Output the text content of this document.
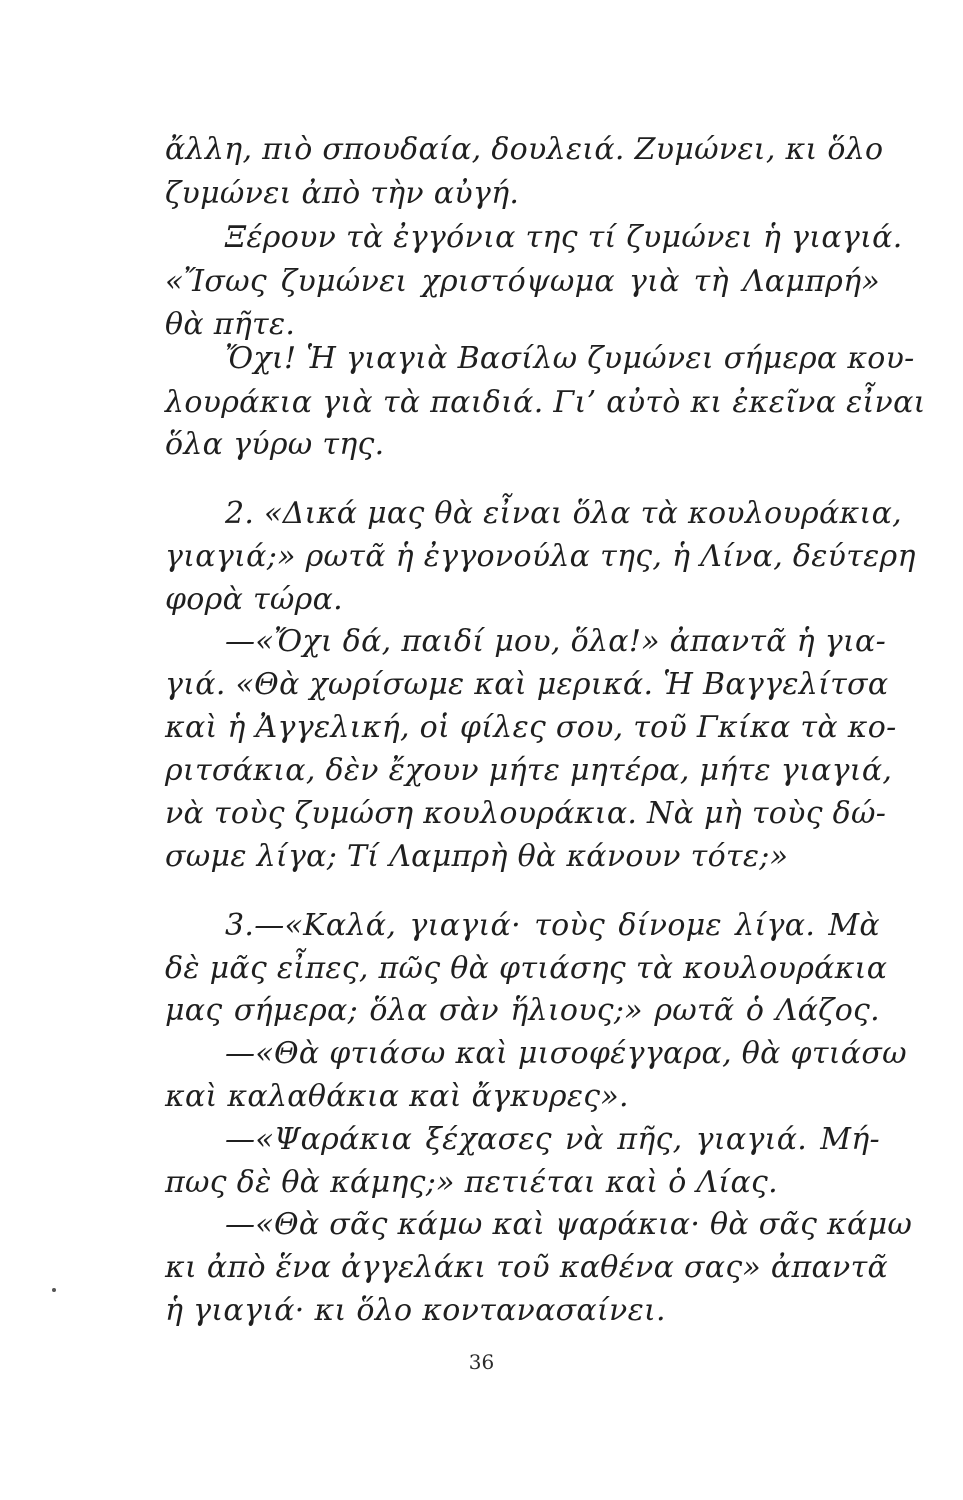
ἄλλη, πιὸ σπουδαία, δουλειά. Ζυμώνει, κι ὅλο
ζυμώνει ἀπὸ τὴν αὐγή.
Ξέρουν τὰ ἐγγόνια της τί ζυμώνει ἡ γιαγιά.
«Ἴσως ζυμώνει χριστόψωμα γιὰ τὴ Λαμπρή»
θὰ πῆτε.
Ὄχι! Ἡ γιαγιὰ Βασίλω ζυμώνει σήμερα κου-
λουράκια γιὰ τὰ παιδιά. Γι’ αὐτὸ κι ἐκεῖνα εἶναι
ὅλα γύρω της.
2. «Δικά μας θὰ εἶναι ὅλα τὰ κουλουράκια,
γιαγιά;» ρωτᾶ ἡ ἐγγονούλα της, ἡ Λίνα, δεύτερη
φορὰ τώρα.
—«Ὄχι δά, παιδί μου, ὅλα!» ἀπαντᾶ ἡ για-
γιά. «Θὰ χωρίσωμε καὶ μερικά. Ἡ Βαγγελίτσα
καὶ ἡ Ἀγγελική, οἱ φίλες σου, τοῦ Γκίκα τὰ κο-
ριτσάκια, δὲν ἔχουν μήτε μητέρα, μήτε γιαγιά,
νὰ τοὺς ζυμώση κουλουράκια. Νὰ μὴ τοὺς δώ-
σωμε λίγα; Τί Λαμπρὴ θὰ κάνουν τότε;»
3.—«Καλά, γιαγιά· τοὺς δίνομε λίγα. Μὰ
δὲ μᾶς εἶπες, πῶς θὰ φτιάσης τὰ κουλουράκια
μας σήμερα; ὅλα σὰν ἥλιους;» ρωτᾶ ὁ Λάζος.
—«Θὰ φτιάσω καὶ μισοφέγγαρα, θὰ φτιάσω
καὶ καλαθάκια καὶ ἄγκυρες».
—«Ψαράκια ξέχασες νὰ πῆς, γιαγιά. Μή-
πως δὲ θὰ κάμης;» πετιέται καὶ ὁ Λίας.
—«Θὰ σᾶς κάμω καὶ ψαράκια· θὰ σᾶς κάμω
κι ἀπὸ ἕνα ἀγγελάκι τοῦ καθένα σας» ἀπαντᾶ
ἡ γιαγιά· κι ὅλο κοντανασαίνει.
36
